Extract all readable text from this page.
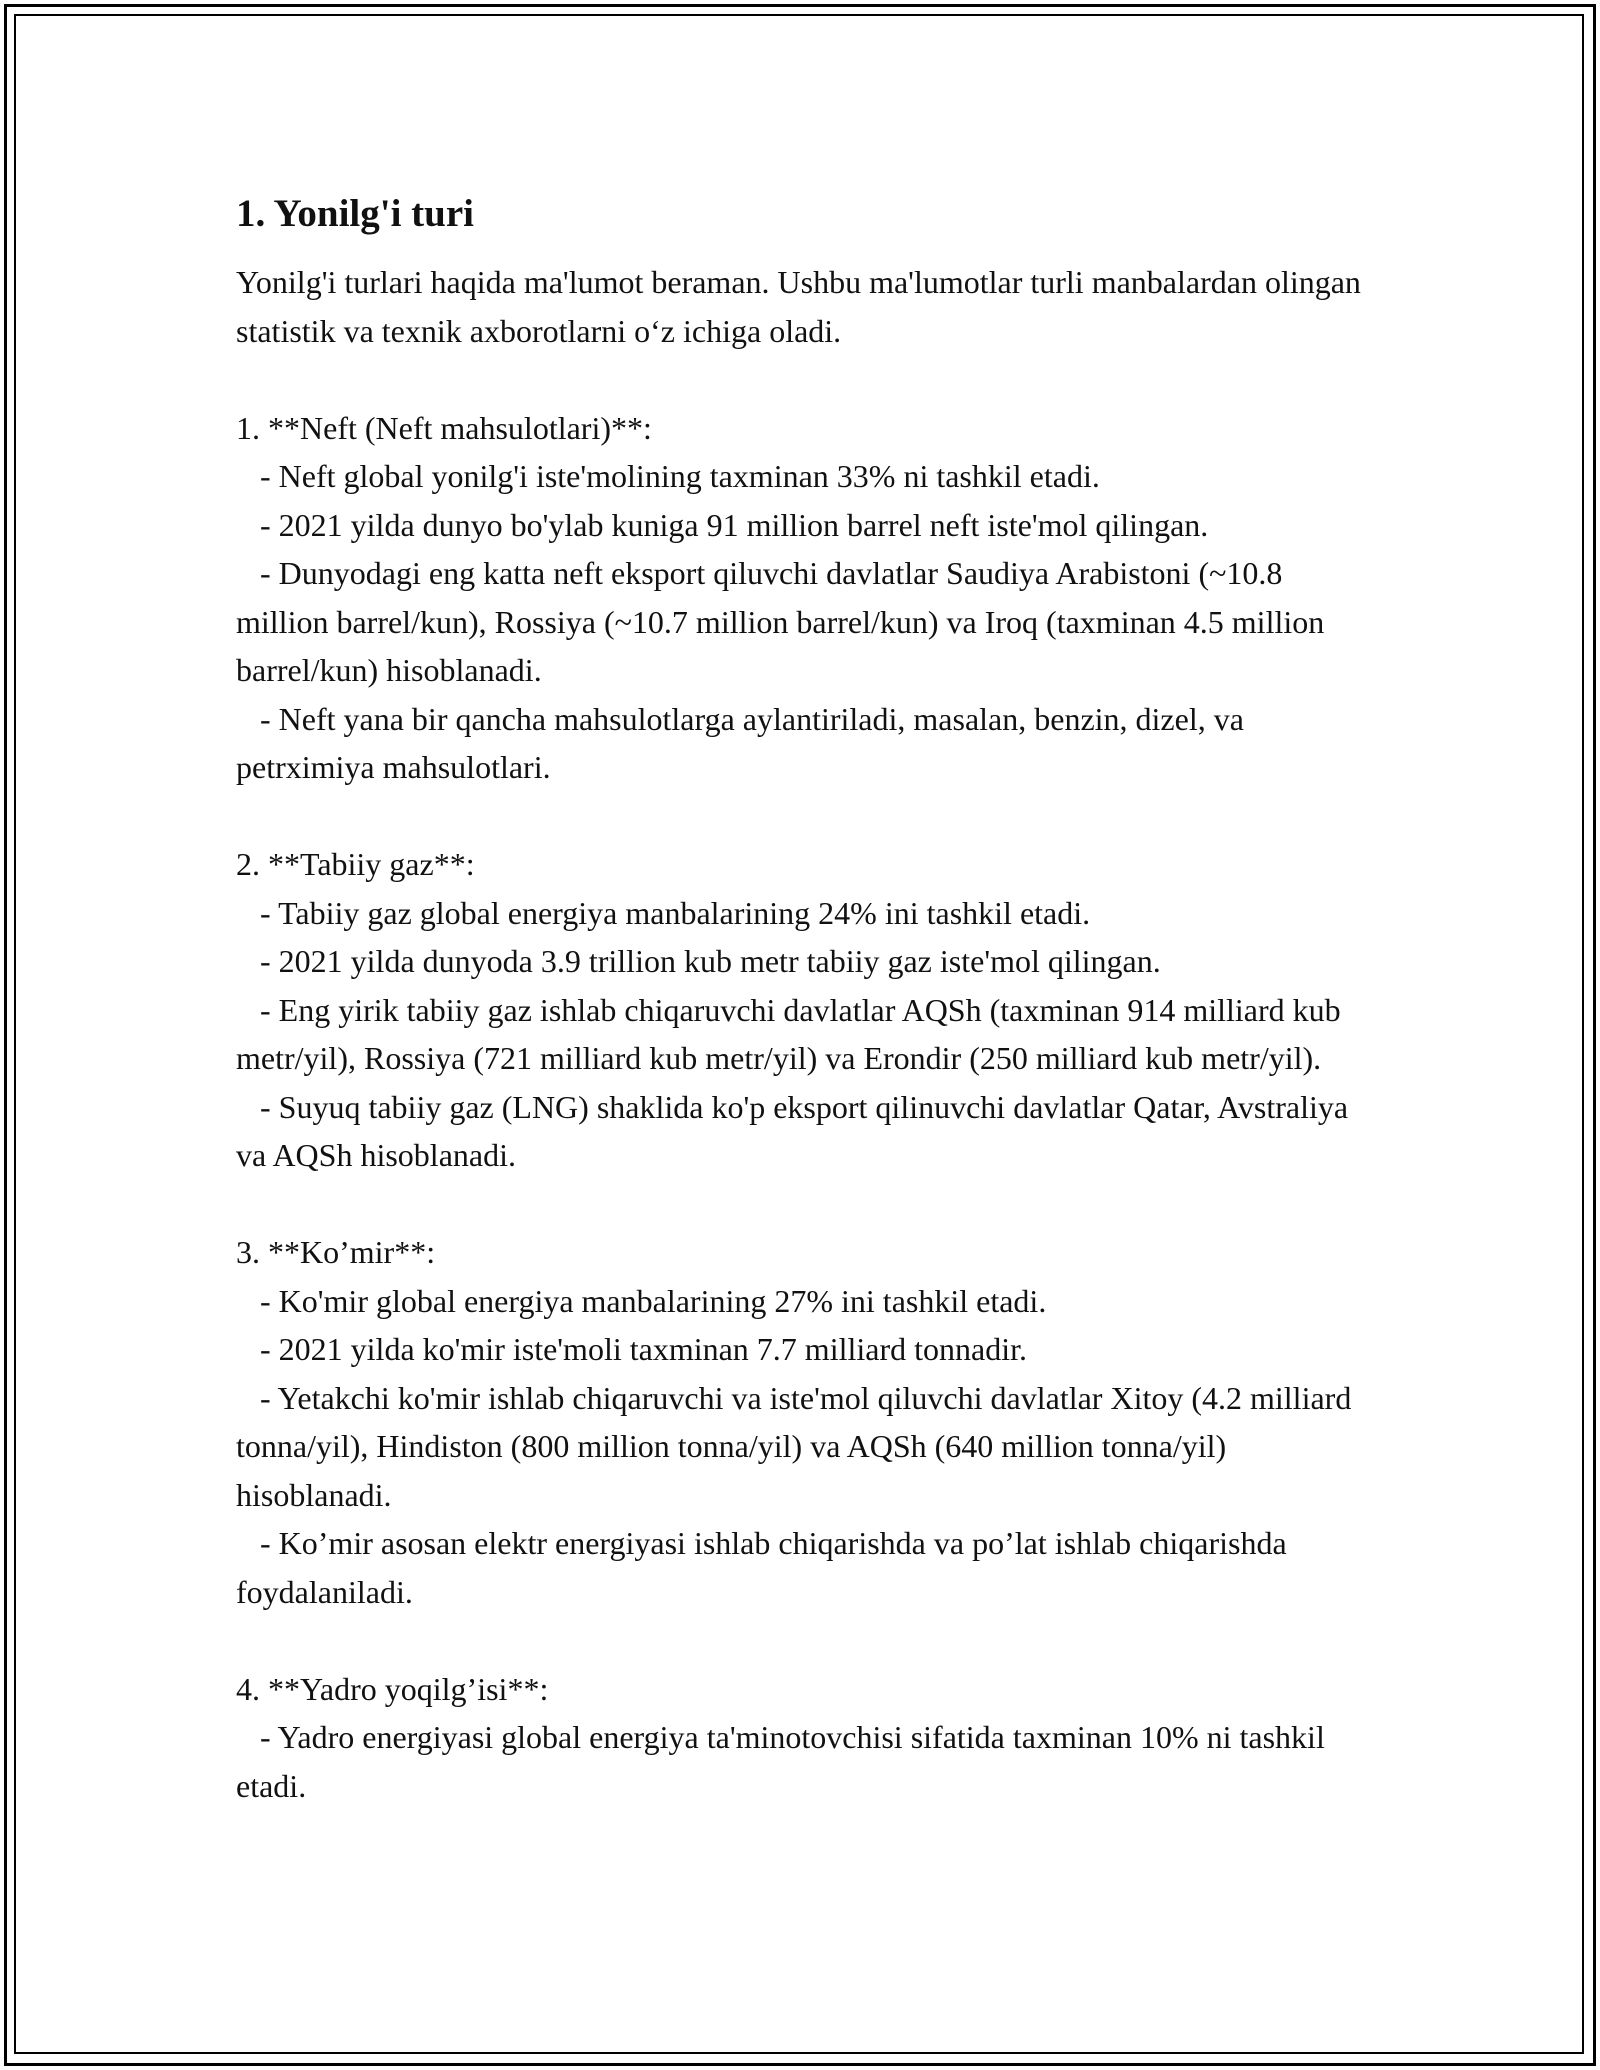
1. Yonilg'i turi

Yonilg'i turlari haqida ma'lumot beraman. Ushbu ma'lumotlar turli manbalardan olingan statistik va texnik axborotlarni oʻz ichiga oladi.

1. **Neft (Neft mahsulotlari)**:

- Neft global yonilg'i iste'molining taxminan 33% ni tashkil etadi.

- 2021 yilda dunyo bo'ylab kuniga 91 million barrel neft iste'mol qilingan.

- Dunyodagi eng katta neft eksport qiluvchi davlatlar Saudiya Arabistoni (~10.8 million barrel/kun), Rossiya (~10.7 million barrel/kun) va Iroq (taxminan 4.5 million barrel/kun) hisoblanadi.

- Neft yana bir qancha mahsulotlarga aylantiriladi, masalan, benzin, dizel, va petrximiya mahsulotlari.

2. **Tabiiy gaz**:

- Tabiiy gaz global energiya manbalarining 24% ini tashkil etadi.

- 2021 yilda dunyoda 3.9 trillion kub metr tabiiy gaz iste'mol qilingan.

- Eng yirik tabiiy gaz ishlab chiqaruvchi davlatlar AQSh (taxminan 914 milliard kub metr/yil), Rossiya (721 milliard kub metr/yil) va Erondir (250 milliard kub metr/yil).

- Suyuq tabiiy gaz (LNG) shaklida ko'p eksport qilinuvchi davlatlar Qatar, Avstraliya va AQSh hisoblanadi.

3. **Ko’mir**:

- Ko'mir global energiya manbalarining 27% ini tashkil etadi.

- 2021 yilda ko'mir iste'moli taxminan 7.7 milliard tonnadir.

- Yetakchi ko'mir ishlab chiqaruvchi va iste'mol qiluvchi davlatlar Xitoy (4.2 milliard tonna/yil), Hindiston (800 million tonna/yil) va AQSh (640 million tonna/yil) hisoblanadi.

- Ko’mir asosan elektr energiyasi ishlab chiqarishda va po’lat ishlab chiqarishda foydalaniladi.

4. **Yadro yoqilg’isi**:

- Yadro energiyasi global energiya ta'minotovchisi sifatida taxminan 10% ni tashkil etadi.
